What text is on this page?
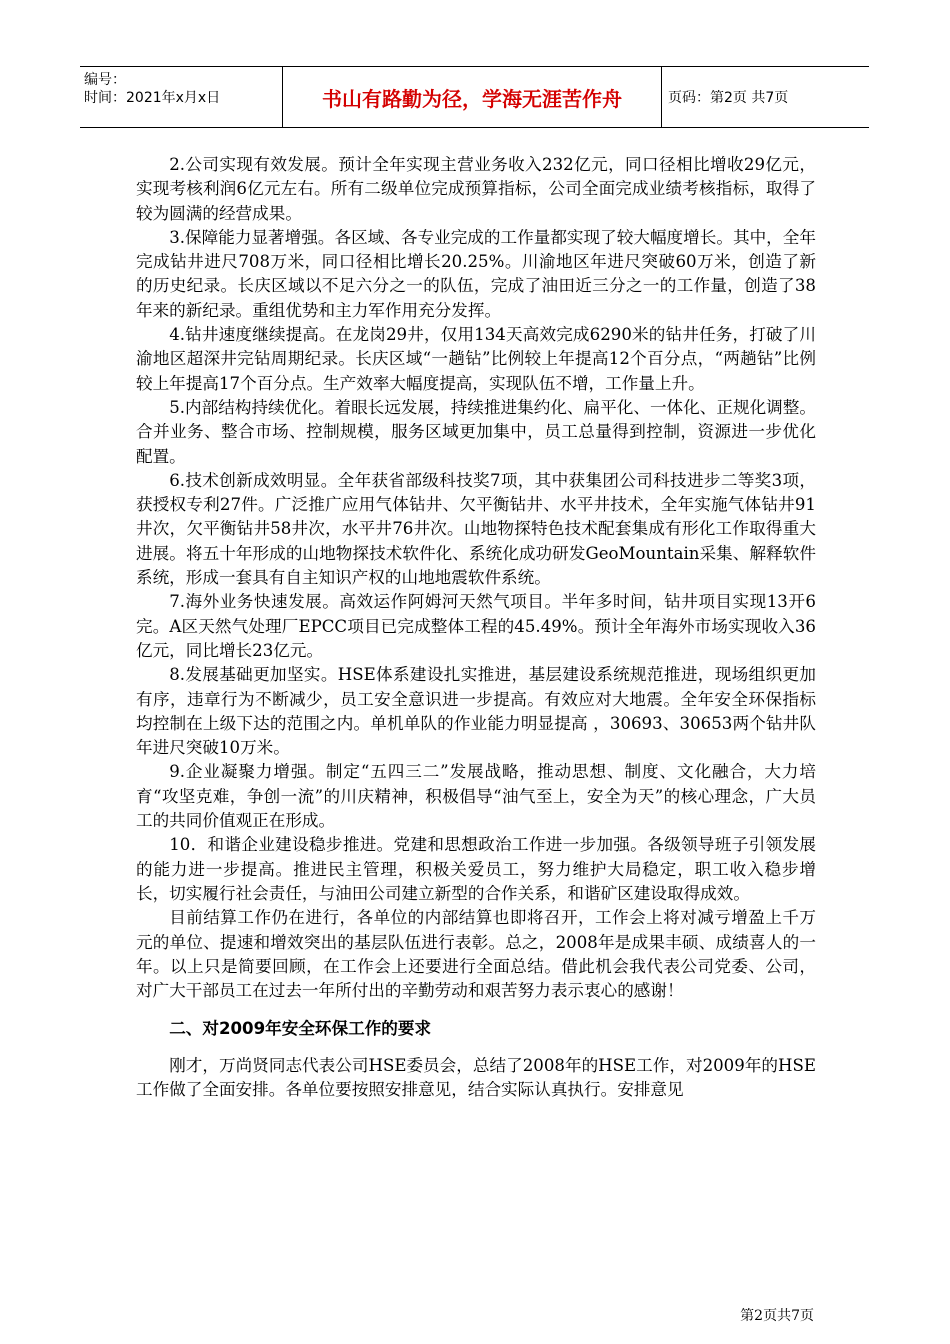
编号：
时间：2021年x月x日	书山有路勤为径，学海无涯苦作舟	页码：第2页 共7页

2.公司实现有效发展。预计全年实现主营业务收入232亿元，同口径相比增收29亿元，实现考核利润6亿元左右。所有二级单位完成预算指标，公司全面完成业绩考核指标，取得了较为圆满的经营成果。

3.保障能力显著增强。各区域、各专业完成的工作量都实现了较大幅度增长。其中，全年完成钻井进尺708万米，同口径相比增长20.25%。川渝地区年进尺突破60万米，创造了新的历史纪录。长庆区域以不足六分之一的队伍，完成了油田近三分之一的工作量，创造了38年来的新纪录。重组优势和主力军作用充分发挥。

4.钻井速度继续提高。在龙岗29井，仅用134天高效完成6290米的钻井任务，打破了川渝地区超深井完钻周期纪录。长庆区域“一趟钻”比例较上年提高12个百分点，“两趟钻”比例较上年提高17个百分点。生产效率大幅度提高，实现队伍不增，工作量上升。

5.内部结构持续优化。着眼长远发展，持续推进集约化、扁平化、一体化、正规化调整。合并业务、整合市场、控制规模，服务区域更加集中，员工总量得到控制，资源进一步优化配置。

6.技术创新成效明显。全年获省部级科技奖7项，其中获集团公司科技进步二等奖3项，获授权专利27件。广泛推广应用气体钻井、欠平衡钻井、水平井技术，全年实施气体钻井91井次，欠平衡钻井58井次，水平井76井次。山地物探特色技术配套集成有形化工作取得重大进展。将五十年形成的山地物探技术软件化、系统化成功研发GeoMountain采集、解释软件系统，形成一套具有自主知识产权的山地地震软件系统。

7.海外业务快速发展。高效运作阿姆河天然气项目。半年多时间，钻井项目实现13开6完。A区天然气处理厂EPCC项目已完成整体工程的45.49%。预计全年海外市场实现收入36亿元，同比增长23亿元。

8.发展基础更加坚实。HSE体系建设扎实推进，基层建设系统规范推进，现场组织更加有序，违章行为不断减少，员工安全意识进一步提高。有效应对大地震。全年安全环保指标均控制在上级下达的范围之内。单机单队的作业能力明显提高 ，30693、30653两个钻井队年进尺突破10万米。

9.企业凝聚力增强。制定“五四三二”发展战略，推动思想、制度、文化融合，大力培育“攻坚克难，争创一流”的川庆精神，积极倡导“油气至上，安全为天”的核心理念，广大员工的共同价值观正在形成。

10．和谐企业建设稳步推进。党建和思想政治工作进一步加强。各级领导班子引领发展的能力进一步提高。推进民主管理，积极关爱员工，努力维护大局稳定，职工收入稳步增长，切实履行社会责任，与油田公司建立新型的合作关系，和谐矿区建设取得成效。

目前结算工作仍在进行，各单位的内部结算也即将召开，工作会上将对减亏增盈上千万元的单位、提速和增效突出的基层队伍进行表彰。总之，2008年是成果丰硕、成绩喜人的一年。以上只是简要回顾，在工作会上还要进行全面总结。借此机会我代表公司党委、公司，对广大干部员工在过去一年所付出的辛勤劳动和艰苦努力表示衷心的感谢！

二、对2009年安全环保工作的要求

刚才，万尚贤同志代表公司HSE委员会，总结了2008年的HSE工作，对2009年的HSE工作做了全面安排。各单位要按照安排意见，结合实际认真执行。安排意见

第2页共7页
